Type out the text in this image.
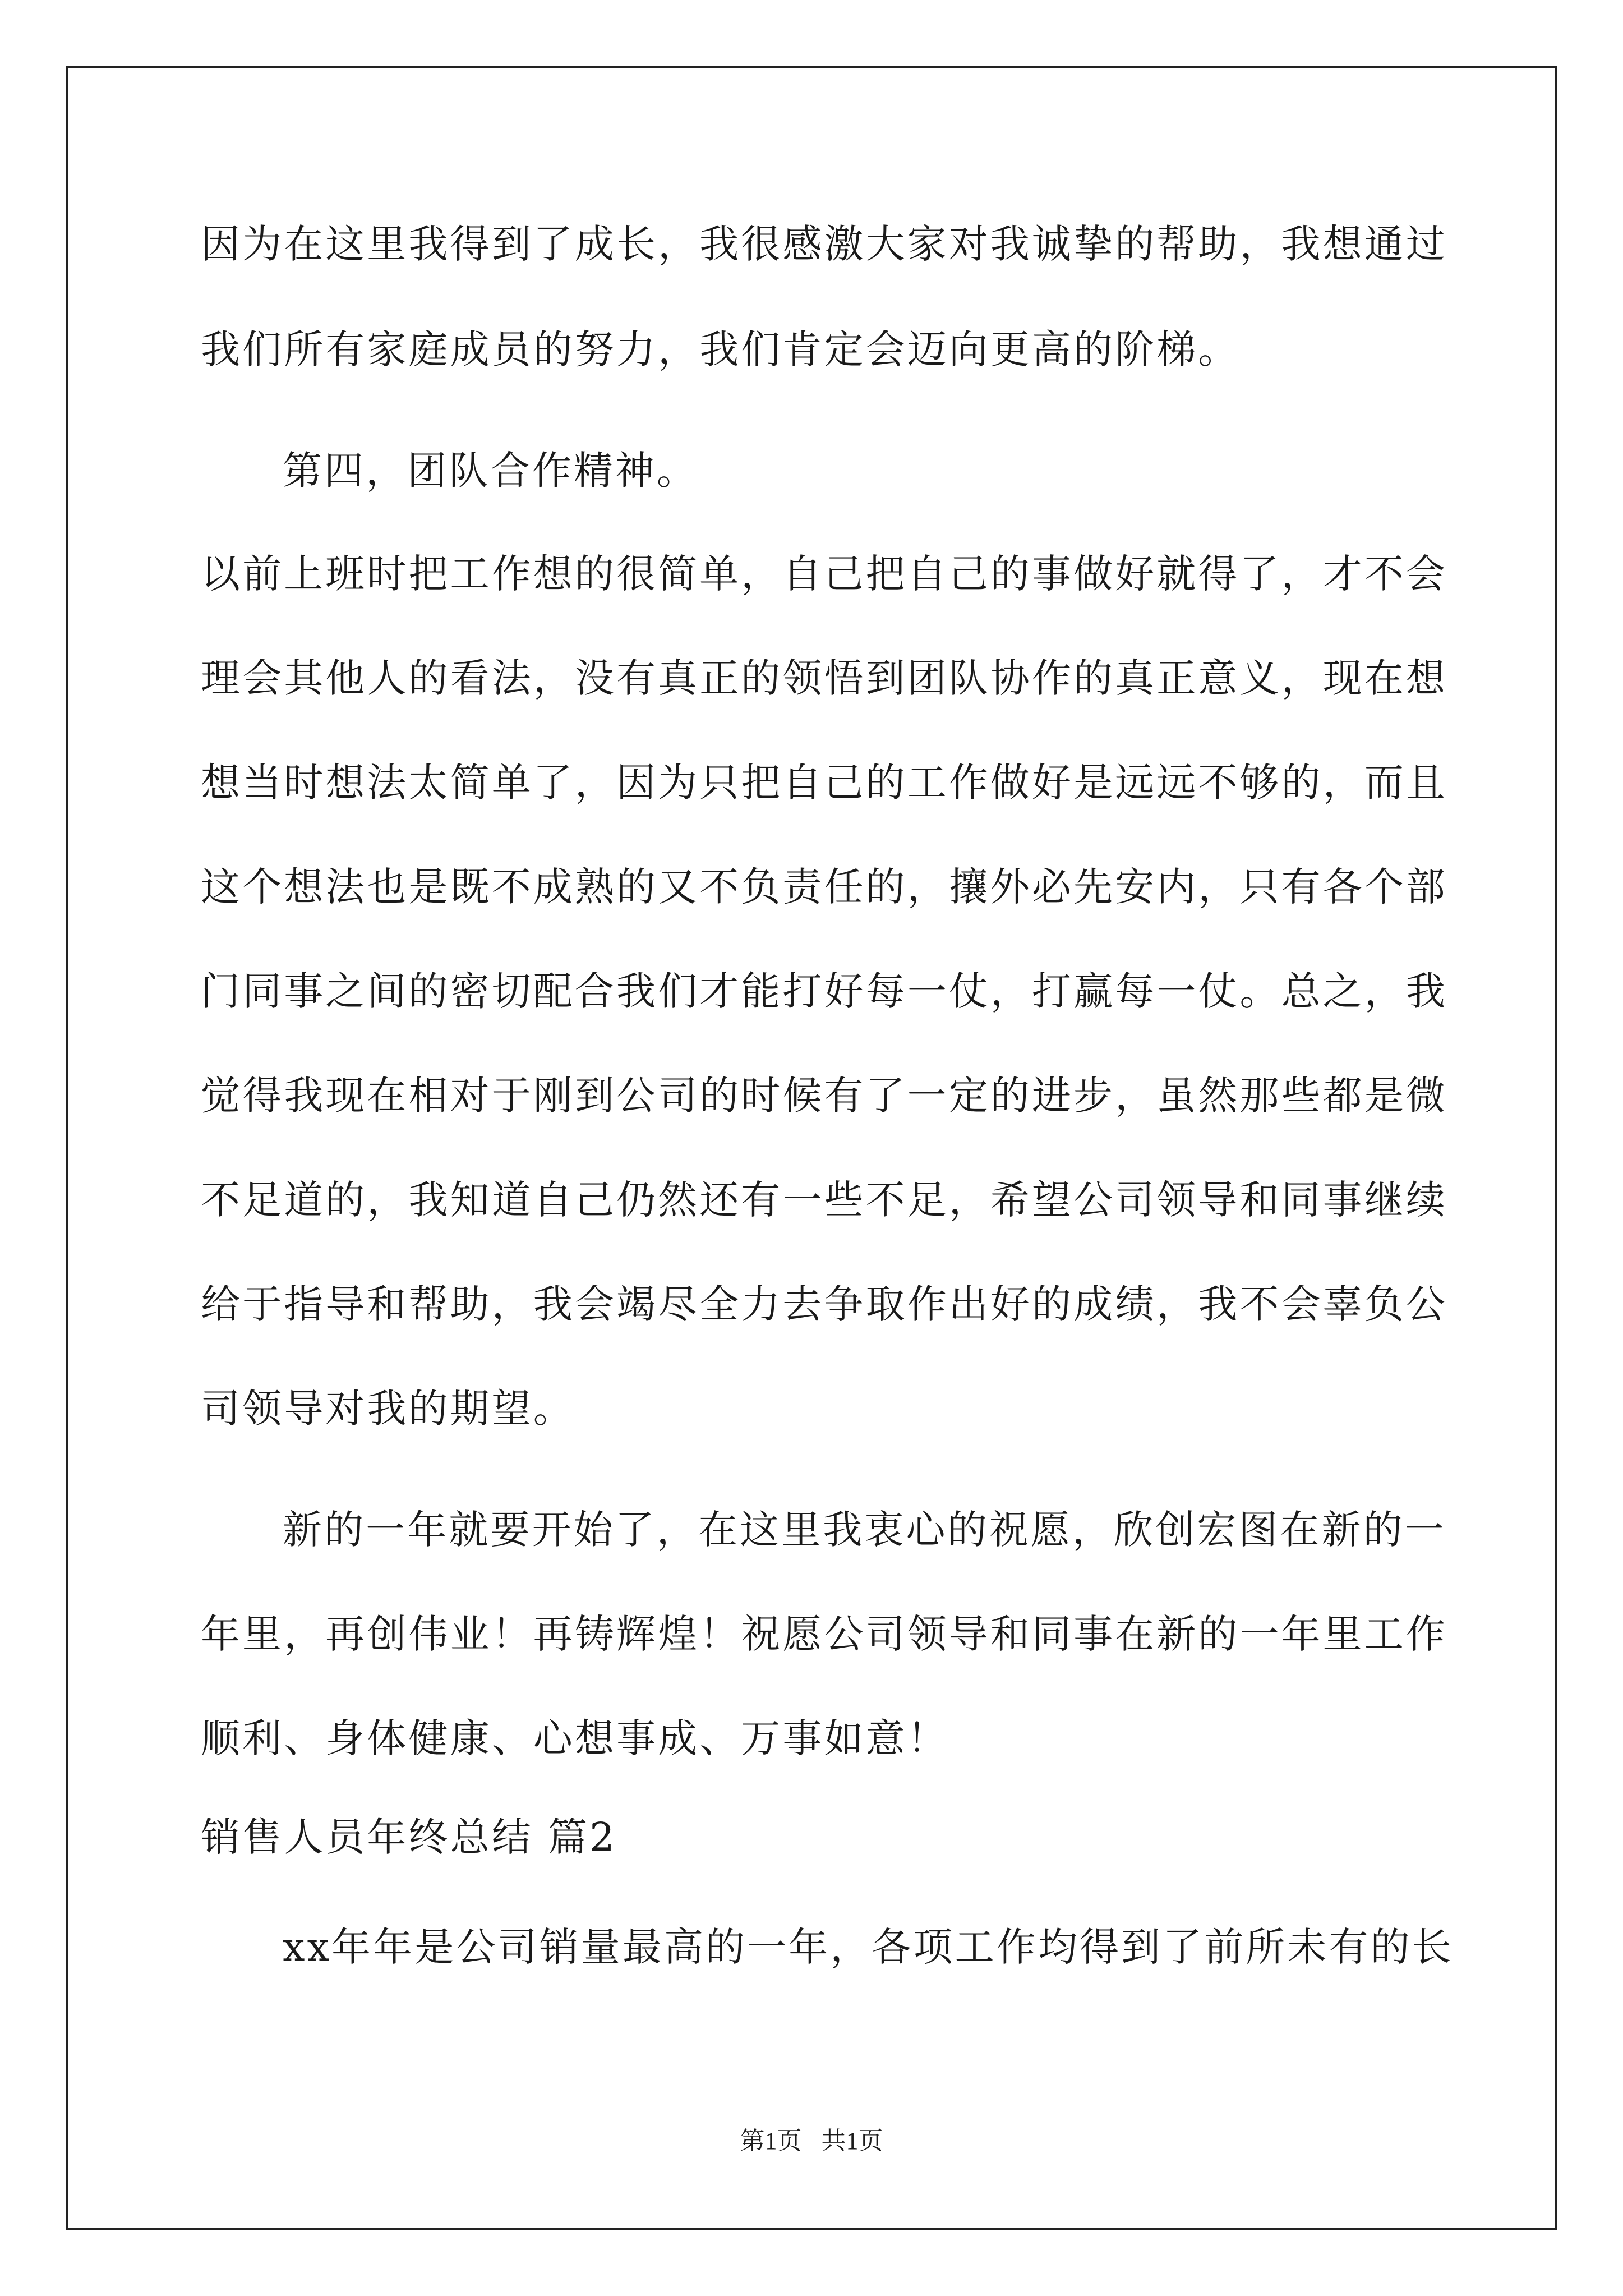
因为在这里我得到了成长，我很感激大家对我诚挚的帮助，我想通过
我们所有家庭成员的努力，我们肯定会迈向更高的阶梯。
第四，团队合作精神。
以前上班时把工作想的很简单，自己把自己的事做好就得了，才不会
理会其他人的看法，没有真正的领悟到团队协作的真正意义，现在想
想当时想法太简单了，因为只把自己的工作做好是远远不够的，而且
这个想法也是既不成熟的又不负责任的，攘外必先安内，只有各个部
门同事之间的密切配合我们才能打好每一仗，打赢每一仗。总之，我
觉得我现在相对于刚到公司的时候有了一定的进步，虽然那些都是微
不足道的，我知道自己仍然还有一些不足，希望公司领导和同事继续
给于指导和帮助，我会竭尽全力去争取作出好的成绩，我不会辜负公
司领导对我的期望。
新的一年就要开始了，在这里我衷心的祝愿，欣创宏图在新的一
年里，再创伟业！再铸辉煌！祝愿公司领导和同事在新的一年里工作
顺利、身体健康、心想事成、万事如意！
销售人员年终总结 篇2
xx年年是公司销量最高的一年，各项工作均得到了前所未有的长
第1页 共1页
